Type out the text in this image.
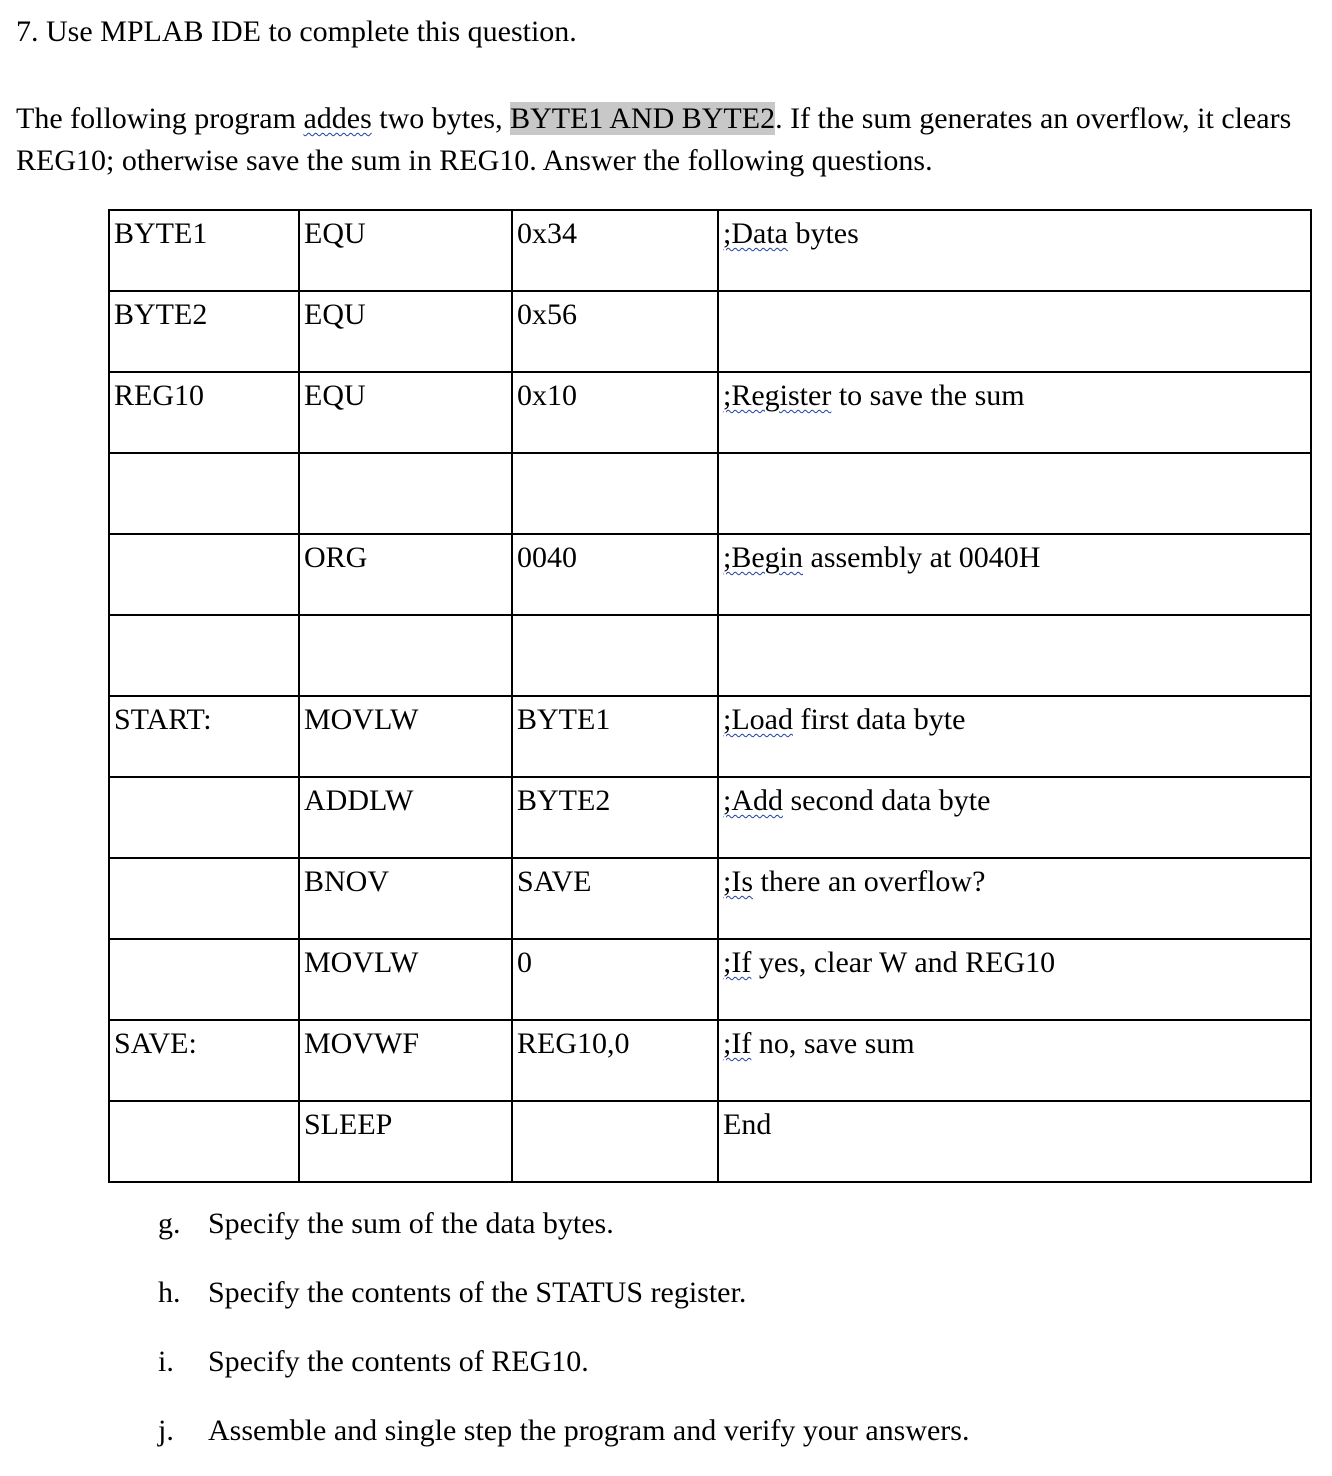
7. Use MPLAB IDE to complete this question.
The following program addes two bytes, BYTE1 AND BYTE2. If the sum generates an overflow, it clears REG10; otherwise save the sum in REG10. Answer the following questions.
BYTE1	EQU	0x34	;Data bytes
BYTE2	EQU	0x56	
REG10	EQU	0x10	;Register to save the sum

	ORG	0040	;Begin assembly at 0040H

START:	MOVLW	BYTE1	;Load first data byte
	ADDLW	BYTE2	;Add second data byte
	BNOV	SAVE	;Is there an overflow?
	MOVLW	0	;If yes, clear W and REG10
SAVE:	MOVWF	REG10,0	;If no, save sum
	SLEEP		End
g. Specify the sum of the data bytes.
h. Specify the contents of the STATUS register.
i.	Specify the contents of REG10.
j.	Assemble and single step the program and verify your answers.
